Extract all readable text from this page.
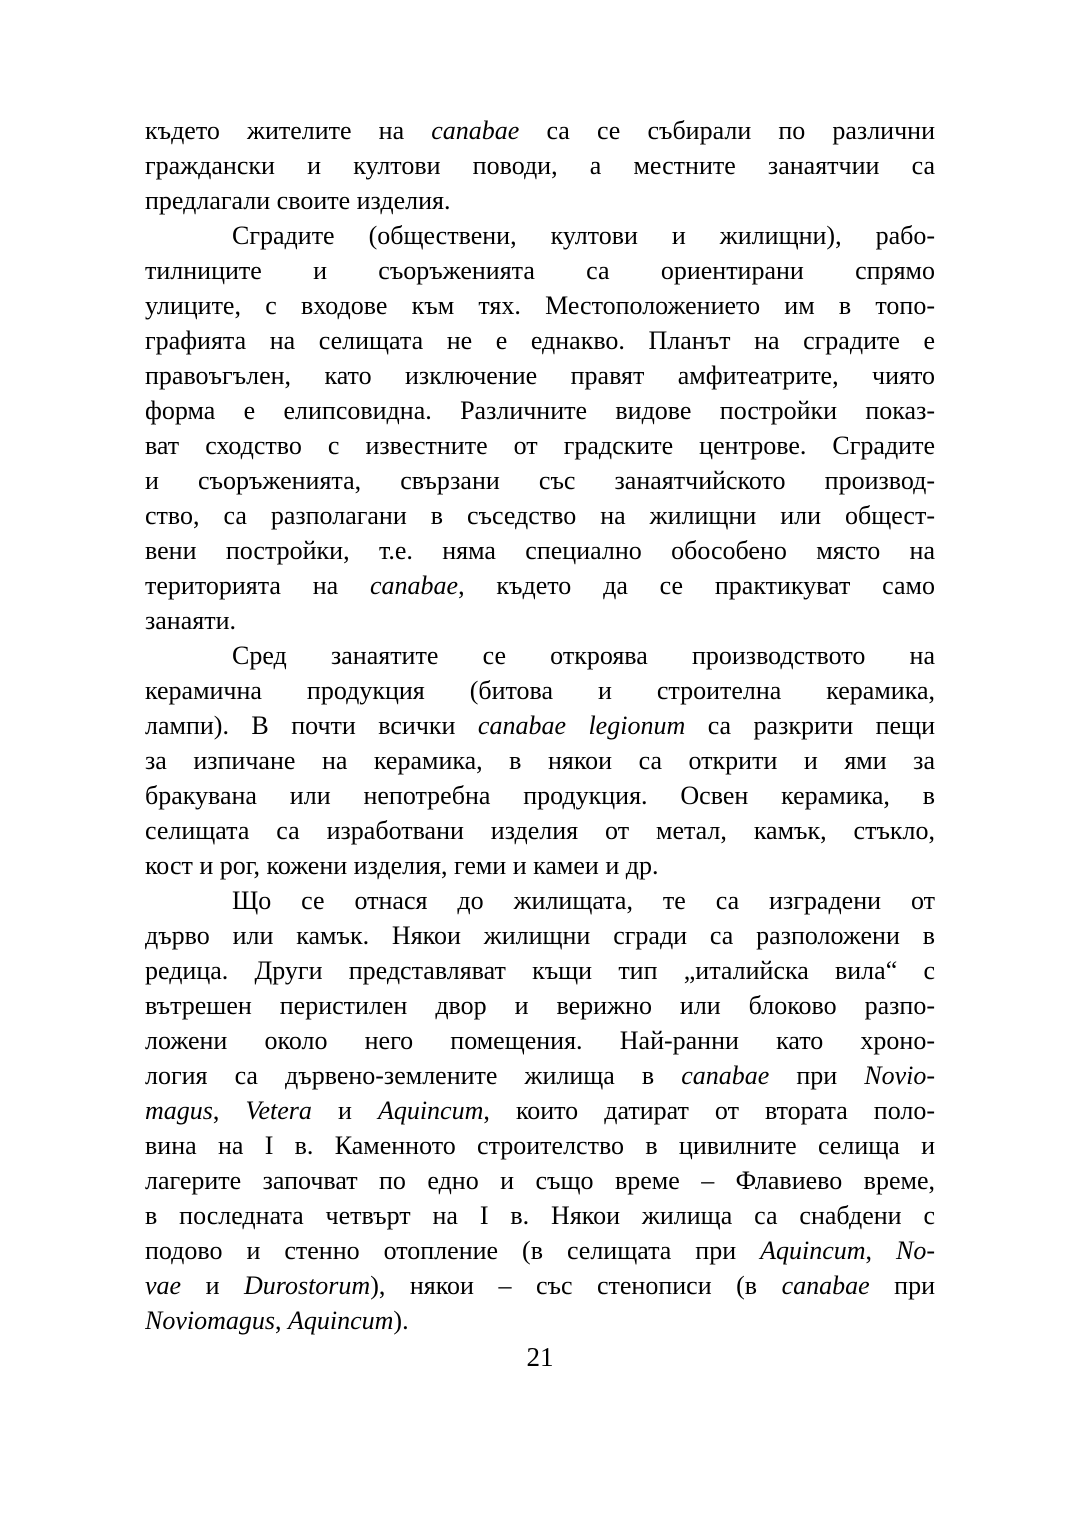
където жителите на canabae са се събирали по различни
граждански и култови поводи, а местните занаятчии са
предлагали своите изделия.
Сградите (обществени, култови и жилищни), рабо-
тилниците и съоръженията са ориентирани спрямо
улиците, с входове към тях. Местоположението им в топо-
графията на селищата не е еднакво. Планът на сградите е
правоъгълен, като изключение правят амфитеатрите, чиято
форма е елипсовидна. Различните видове постройки показ-
ват сходство с известните от градските центрове. Сградите
и съоръженията, свързани със занаятчийското производ-
ство, са разполагани в съседство на жилищни или общест-
вени постройки, т.е. няма специално обособено място на
територията на canabae, където да се практикуват само
занаяти.
Сред занаятите се откроява производството на
керамична продукция (битова и строителна керамика,
лампи). В почти всички canabae legionum са разкрити пещи
за изпичане на керамика, в някои са открити и ями за
бракувана или непотребна продукция. Освен керамика, в
селищата са изработвани изделия от метал, камък, стъкло,
кост и рог, кожени изделия, геми и камеи и др.
Що се отнася до жилищата, те са изградени от
дърво или камък. Някои жилищни сгради са разположени в
редица. Други представляват къщи тип „италийска вила“ с
вътрешен перистилен двор и верижно или блоково разпо-
ложени около него помещения. Най-ранни като хроно-
логия са дървено-землените жилища в canabae при Novio-
magus, Vetera и Aquincum, които датират от втората поло-
вина на I в. Каменното строителство в цивилните селища и
лагерите започват по едно и също време – Флавиево време,
в последната четвърт на I в. Някои жилища са снабдени с
подово и стенно отопление (в селищата при Aquincum, No-
vae и Durostorum), някои – със стенописи (в canabae при
Noviomagus, Aquincum).
21
